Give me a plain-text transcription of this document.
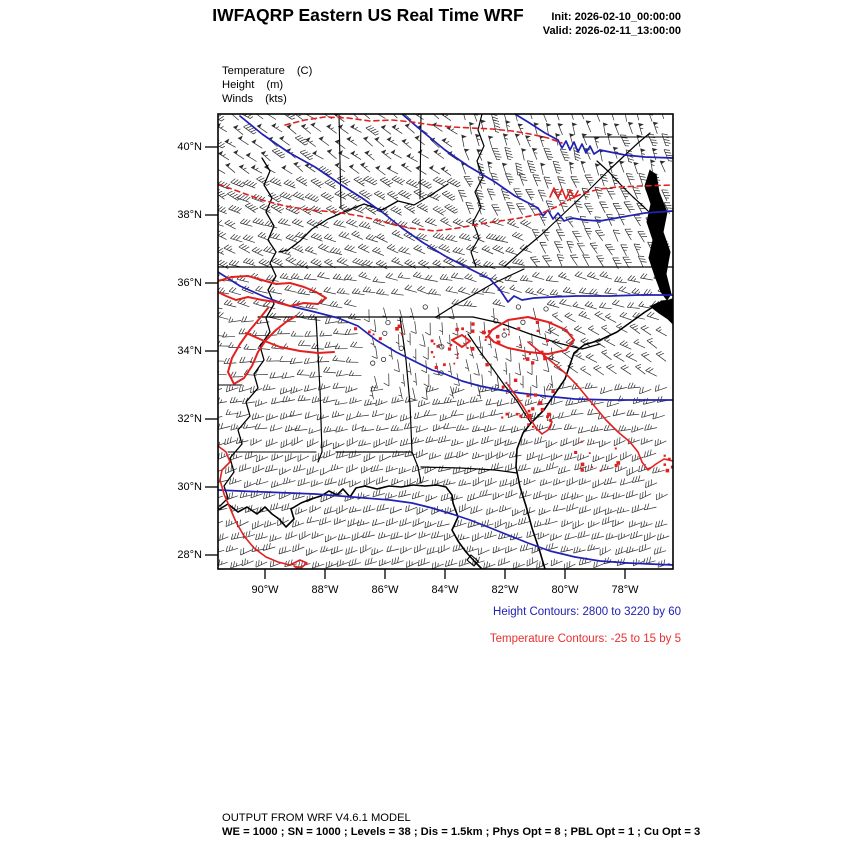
IWFAQRP Eastern US Real Time WRF	Init: 2026-02-10_00:00:00
Valid: 2026-02-11_13:00:00
Temperature (C)
Height (m)
Winds (kts)
40°N
38°N
36°N
34°N
32°N
30°N
28°N
90°W	88°W	86°W	84°W	82°W	80°W	78°W
Height Contours: 2800 to 3220 by 60
Temperature Contours: -25 to 15 by 5
OUTPUT FROM WRF V4.6.1 MODEL
WE = 1000 ; SN = 1000 ; Levels = 38 ; Dis = 1.5km ; Phys Opt = 8 ; PBL Opt = 1 ; Cu Opt = 3
